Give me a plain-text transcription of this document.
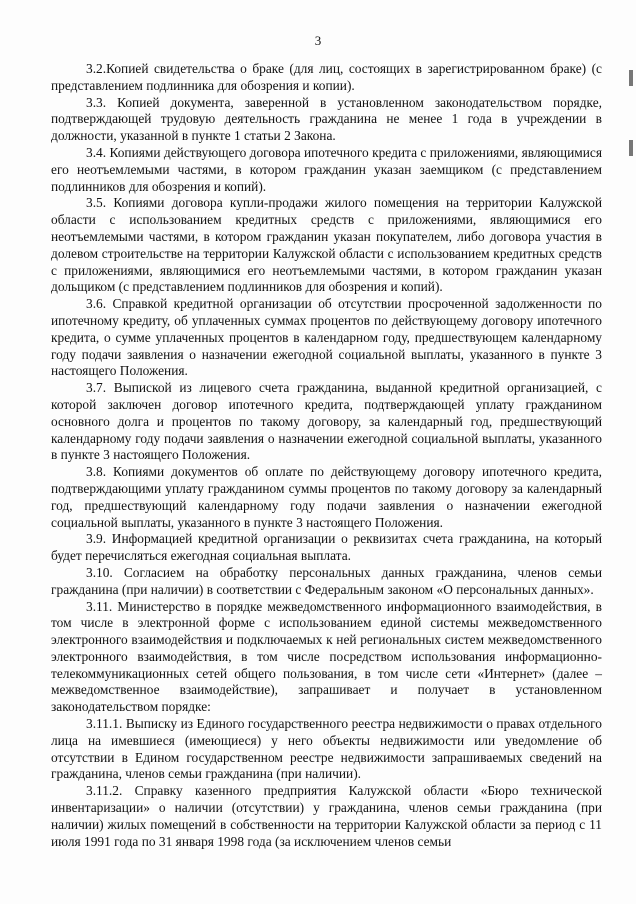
3

3.2.Копией свидетельства о браке (для лиц, состоящих в зарегистрированном браке) (с представлением подлинника для обозрения и копии).

3.3. Копией документа, заверенной в установленном законодательством порядке, подтверждающей трудовую деятельность гражданина не менее 1 года в учреждении в должности, указанной в пункте 1 статьи 2 Закона.

3.4. Копиями действующего договора ипотечного кредита с приложениями, являющимися его неотъемлемыми частями, в котором гражданин указан заемщиком (с представлением подлинников для обозрения и копий).

3.5. Копиями договора купли-продажи жилого помещения на территории Калужской области с использованием кредитных средств с приложениями, являющимися его неотъемлемыми частями, в котором гражданин указан покупателем, либо договора участия в долевом строительстве на территории Калужской области с использованием кредитных средств с приложениями, являющимися его неотъемлемыми частями, в котором гражданин указан дольщиком (с представлением подлинников для обозрения и копий).

3.6. Справкой кредитной организации об отсутствии просроченной задолженности по ипотечному кредиту, об уплаченных суммах процентов по действующему договору ипотечного кредита, о сумме уплаченных процентов в календарном году, предшествующем календарному году подачи заявления о назначении ежегодной социальной выплаты, указанного в пункте 3 настоящего Положения.

3.7. Выпиской из лицевого счета гражданина, выданной кредитной организацией, с которой заключен договор ипотечного кредита, подтверждающей уплату гражданином основного долга и процентов по такому договору, за календарный год, предшествующий календарному году подачи заявления о назначении ежегодной социальной выплаты, указанного в пункте 3 настоящего Положения.

3.8. Копиями документов об оплате по действующему договору ипотечного кредита, подтверждающими уплату гражданином суммы процентов по такому договору за календарный год, предшествующий календарному году подачи заявления о назначении ежегодной социальной выплаты, указанного в пункте 3 настоящего Положения.

3.9. Информацией кредитной организации о реквизитах счета гражданина, на который будет перечисляться ежегодная социальная выплата.

3.10. Согласием на обработку персональных данных гражданина, членов семьи гражданина (при наличии) в соответствии с Федеральным законом «О персональных данных».

3.11. Министерство в порядке межведомственного информационного взаимодействия, в том числе в электронной форме с использованием единой системы межведомственного электронного взаимодействия и подключаемых к ней региональных систем межведомственного электронного взаимодействия, в том числе посредством использования информационно-телекоммуникационных сетей общего пользования, в том числе сети «Интернет» (далее – межведомственное взаимодействие), запрашивает и получает в установленном законодательством порядке:

3.11.1. Выписку из Единого государственного реестра недвижимости о правах отдельного лица на имевшиеся (имеющиеся) у него объекты недвижимости или уведомление об отсутствии в Едином государственном реестре недвижимости запрашиваемых сведений на гражданина, членов семьи гражданина (при наличии).

3.11.2. Справку казенного предприятия Калужской области «Бюро технической инвентаризации» о наличии (отсутствии) у гражданина, членов семьи гражданина (при наличии) жилых помещений в собственности на территории Калужской области за период с 11 июля 1991 года по 31 января 1998 года (за исключением членов семьи
